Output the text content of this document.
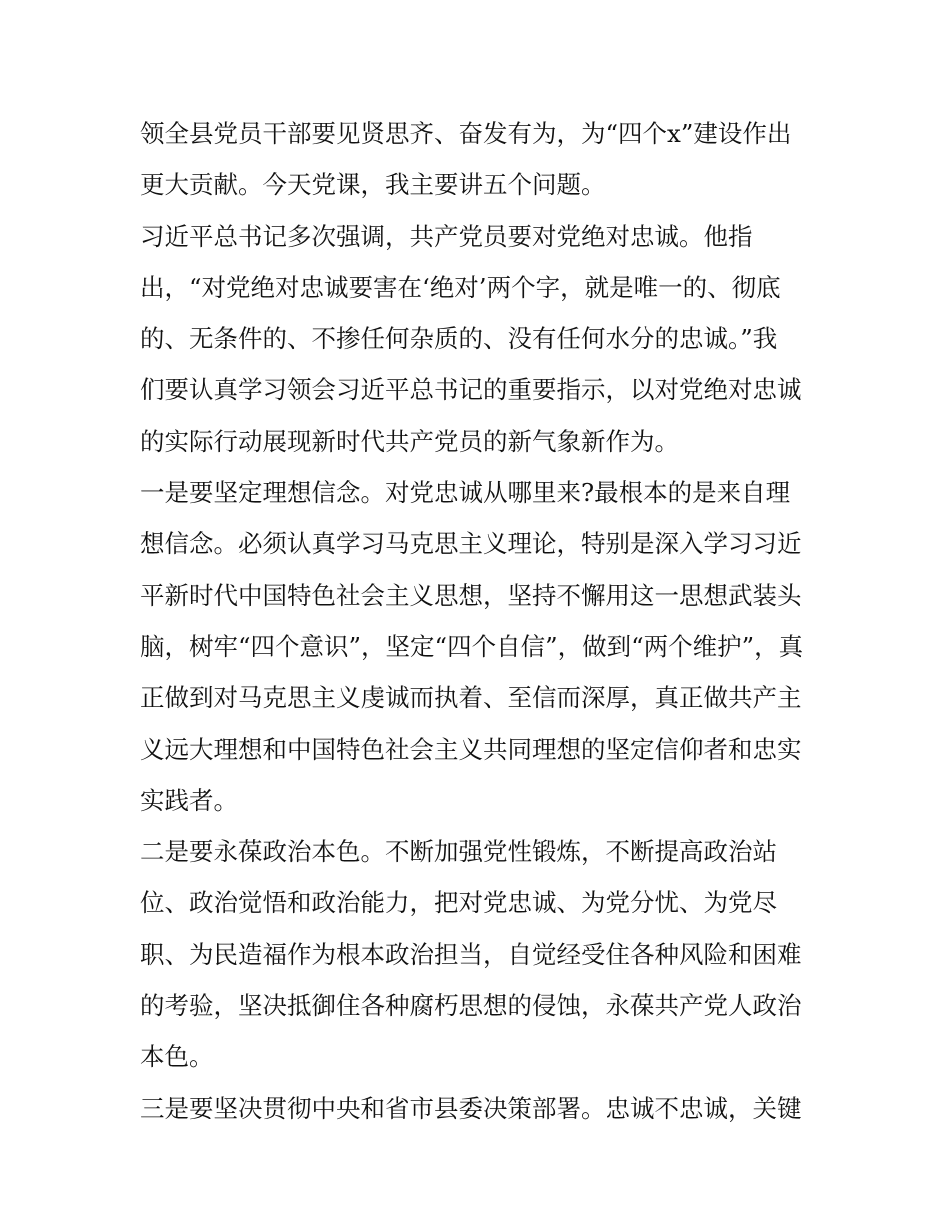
领全县党员干部要见贤思齐、奋发有为，为“四个x”建设作出
更大贡献。今天党课，我主要讲五个问题。
习近平总书记多次强调，共产党员要对党绝对忠诚。他指
出，“对党绝对忠诚要害在‘绝对’两个字，就是唯一的、彻底
的、无条件的、不掺任何杂质的、没有任何水分的忠诚。”我
们要认真学习领会习近平总书记的重要指示，以对党绝对忠诚
的实际行动展现新时代共产党员的新气象新作为。
一是要坚定理想信念。对党忠诚从哪里来?最根本的是来自理
想信念。必须认真学习马克思主义理论，特别是深入学习习近
平新时代中国特色社会主义思想，坚持不懈用这一思想武装头
脑，树牢“四个意识”，坚定“四个自信”，做到“两个维护”，真
正做到对马克思主义虔诚而执着、至信而深厚，真正做共产主
义远大理想和中国特色社会主义共同理想的坚定信仰者和忠实
实践者。
二是要永葆政治本色。不断加强党性锻炼，不断提高政治站
位、政治觉悟和政治能力，把对党忠诚、为党分忧、为党尽
职、为民造福作为根本政治担当，自觉经受住各种风险和困难
的考验，坚决抵御住各种腐朽思想的侵蚀，永葆共产党人政治
本色。
三是要坚决贯彻中央和省市县委决策部署。忠诚不忠诚，关键
